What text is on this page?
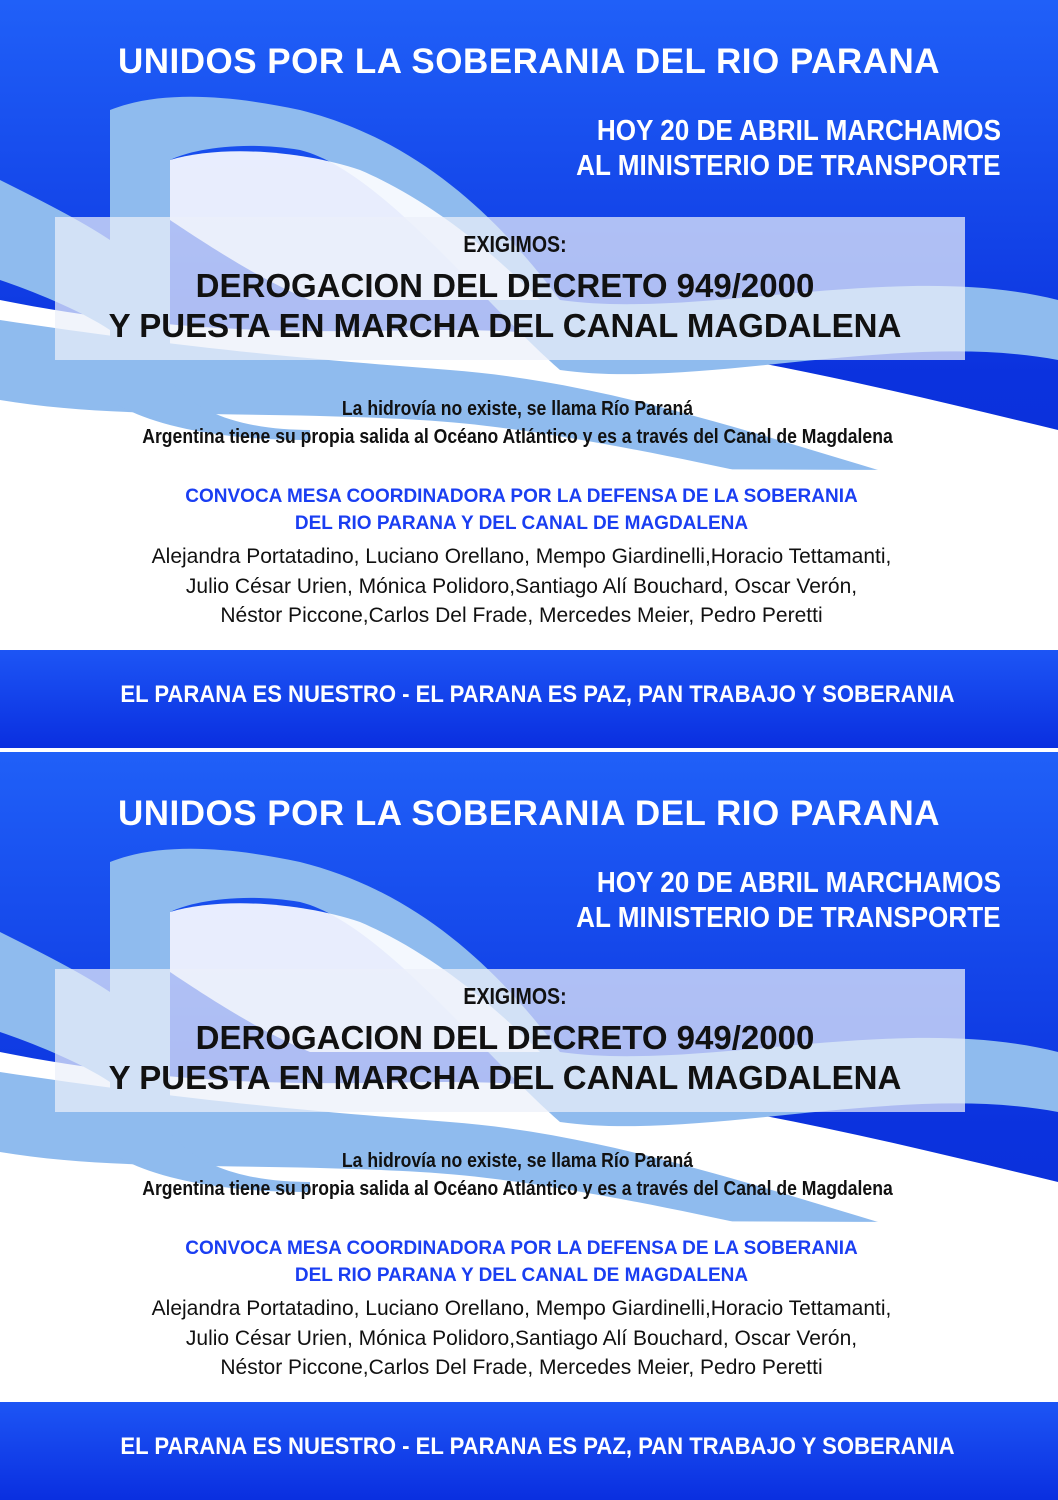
UNIDOS POR LA SOBERANIA DEL RIO PARANA
HOY 20 DE ABRIL MARCHAMOS
AL MINISTERIO DE TRANSPORTE
EXIGIMOS:
DEROGACION DEL DECRETO 949/2000
Y PUESTA EN MARCHA DEL CANAL MAGDALENA
La hidrovía no existe, se llama Río Paraná
Argentina tiene su propia salida al Océano Atlántico y es a través del Canal de Magdalena
CONVOCA MESA COORDINADORA POR LA DEFENSA DE LA SOBERANIA
DEL RIO PARANA Y DEL CANAL DE MAGDALENA
Alejandra Portatadino, Luciano Orellano, Mempo Giardinelli,Horacio Tettamanti,
Julio César Urien, Mónica Polidoro,Santiago Alí Bouchard, Oscar Verón,
Néstor Piccone,Carlos Del Frade, Mercedes Meier, Pedro Peretti
EL PARANA ES NUESTRO - EL PARANA ES PAZ, PAN TRABAJO Y SOBERANIA
UNIDOS POR LA SOBERANIA DEL RIO PARANA
HOY 20 DE ABRIL MARCHAMOS
AL MINISTERIO DE TRANSPORTE
EXIGIMOS:
DEROGACION DEL DECRETO 949/2000
Y PUESTA EN MARCHA DEL CANAL MAGDALENA
La hidrovía no existe, se llama Río Paraná
Argentina tiene su propia salida al Océano Atlántico y es a través del Canal de Magdalena
CONVOCA MESA COORDINADORA POR LA DEFENSA DE LA SOBERANIA
DEL RIO PARANA Y DEL CANAL DE MAGDALENA
Alejandra Portatadino, Luciano Orellano, Mempo Giardinelli,Horacio Tettamanti,
Julio César Urien, Mónica Polidoro,Santiago Alí Bouchard, Oscar Verón,
Néstor Piccone,Carlos Del Frade, Mercedes Meier, Pedro Peretti
EL PARANA ES NUESTRO - EL PARANA ES PAZ, PAN TRABAJO Y SOBERANIA
